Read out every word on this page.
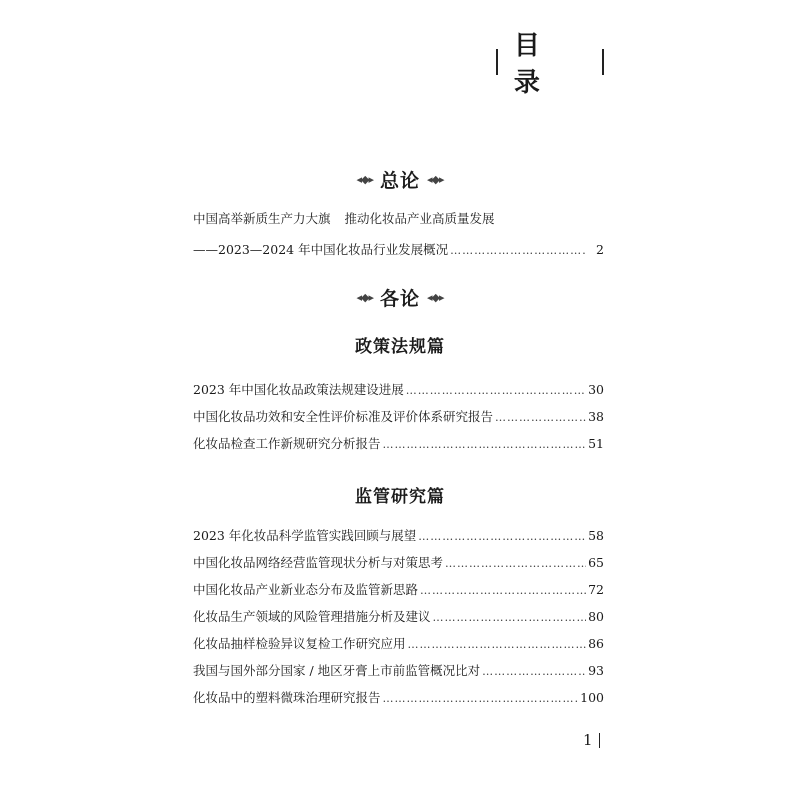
目录
◂◆▸ 总论 ◂◆▸
中国高举新质生产力大旗 推动化妆品产业高质量发展
——2023—2024 年中国化妆品行业发展概况 ……………………………………………………………………………………………………	2
◂◆▸ 各论 ◂◆▸
政策法规篇
2023 年中国化妆品政策法规建设进展 ……………………………………………………………………………………………………	30
中国化妆品功效和安全性评价标准及评价体系研究报告 ……………………………………………………………………………………………………	38
化妆品检查工作新规研究分析报告 ……………………………………………………………………………………………………	51
监管研究篇
2023 年化妆品科学监管实践回顾与展望 ……………………………………………………………………………………………………	58
中国化妆品网络经营监管现状分析与对策思考 ……………………………………………………………………………………………………	65
中国化妆品产业新业态分布及监管新思路 ……………………………………………………………………………………………………	72
化妆品生产领域的风险管理措施分析及建议 ……………………………………………………………………………………………………	80
化妆品抽样检验异议复检工作研究应用 ……………………………………………………………………………………………………	86
我国与国外部分国家 / 地区牙膏上市前监管概况比对 ……………………………………………………………………………………………………	93
化妆品中的塑料微珠治理研究报告 ……………………………………………………………………………………………………	100
1
